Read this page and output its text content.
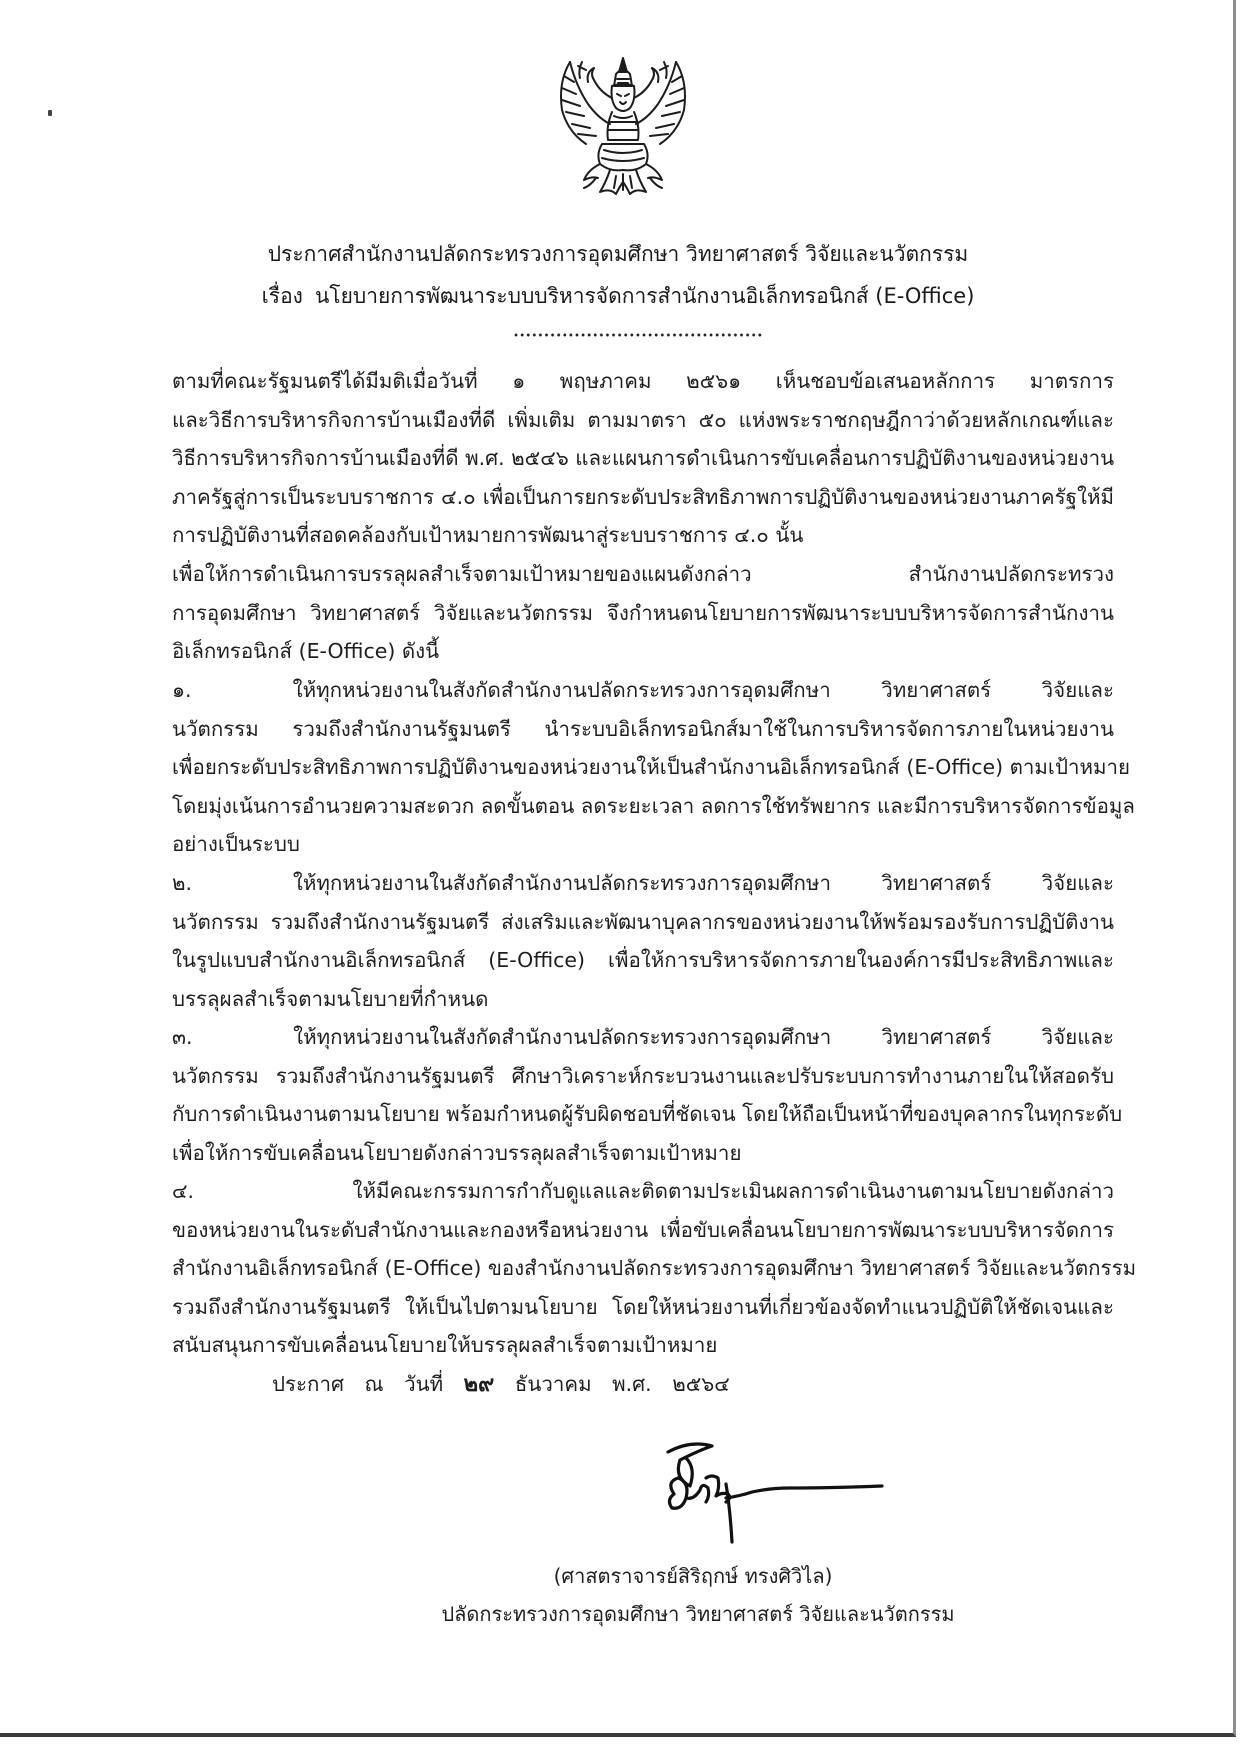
ประกาศสำนักงานปลัดกระทรวงการอุดมศึกษา วิทยาศาสตร์ วิจัยและนวัตกรรม
เรื่อง นโยบายการพัฒนาระบบบริหารจัดการสำนักงานอิเล็กทรอนิกส์ (E-Office)
ตามที่คณะรัฐมนตรีได้มีมติเมื่อวันที่ ๑ พฤษภาคม ๒๕๖๑ เห็นชอบข้อเสนอหลักการ มาตรการ
และวิธีการบริหารกิจการบ้านเมืองที่ดี เพิ่มเติม ตามมาตรา ๕๐ แห่งพระราชกฤษฎีกาว่าด้วยหลักเกณฑ์และ
วิธีการบริหารกิจการบ้านเมืองที่ดี พ.ศ. ๒๕๔๖ และแผนการดำเนินการขับเคลื่อนการปฏิบัติงานของหน่วยงาน
ภาครัฐสู่การเป็นระบบราชการ ๔.๐ เพื่อเป็นการยกระดับประสิทธิภาพการปฏิบัติงานของหน่วยงานภาครัฐให้มี
การปฏิบัติงานที่สอดคล้องกับเป้าหมายการพัฒนาสู่ระบบราชการ ๔.๐ นั้น
เพื่อให้การดำเนินการบรรลุผลสำเร็จตามเป้าหมายของแผนดังกล่าว สำนักงานปลัดกระทรวง
การอุดมศึกษา วิทยาศาสตร์ วิจัยและนวัตกรรม จึงกำหนดนโยบายการพัฒนาระบบบริหารจัดการสำนักงาน
อิเล็กทรอนิกส์ (E-Office) ดังนี้
๑.	ให้ทุกหน่วยงานในสังกัดสำนักงานปลัดกระทรวงการอุดมศึกษา วิทยาศาสตร์ วิจัยและ
นวัตกรรม รวมถึงสำนักงานรัฐมนตรี นำระบบอิเล็กทรอนิกส์มาใช้ในการบริหารจัดการภายในหน่วยงาน
เพื่อยกระดับประสิทธิภาพการปฏิบัติงานของหน่วยงานให้เป็นสำนักงานอิเล็กทรอนิกส์ (E-Office) ตามเป้าหมาย
โดยมุ่งเน้นการอำนวยความสะดวก ลดขั้นตอน ลดระยะเวลา ลดการใช้ทรัพยากร และมีการบริหารจัดการข้อมูล
อย่างเป็นระบบ
๒.	ให้ทุกหน่วยงานในสังกัดสำนักงานปลัดกระทรวงการอุดมศึกษา วิทยาศาสตร์ วิจัยและ
นวัตกรรม รวมถึงสำนักงานรัฐมนตรี ส่งเสริมและพัฒนาบุคลากรของหน่วยงานให้พร้อมรองรับการปฏิบัติงาน
ในรูปแบบสำนักงานอิเล็กทรอนิกส์ (E-Office) เพื่อให้การบริหารจัดการภายในองค์การมีประสิทธิภาพและ
บรรลุผลสำเร็จตามนโยบายที่กำหนด
๓.	ให้ทุกหน่วยงานในสังกัดสำนักงานปลัดกระทรวงการอุดมศึกษา วิทยาศาสตร์ วิจัยและ
นวัตกรรม รวมถึงสำนักงานรัฐมนตรี ศึกษาวิเคราะห์กระบวนงานและปรับระบบการทำงานภายในให้สอดรับ
กับการดำเนินงานตามนโยบาย พร้อมกำหนดผู้รับผิดชอบที่ชัดเจน โดยให้ถือเป็นหน้าที่ของบุคลากรในทุกระดับ
เพื่อให้การขับเคลื่อนนโยบายดังกล่าวบรรลุผลสำเร็จตามเป้าหมาย
๔.	ให้มีคณะกรรมการกำกับดูแลและติดตามประเมินผลการดำเนินงานตามนโยบายดังกล่าว
ของหน่วยงานในระดับสำนักงานและกองหรือหน่วยงาน เพื่อขับเคลื่อนนโยบายการพัฒนาระบบบริหารจัดการ
สำนักงานอิเล็กทรอนิกส์ (E-Office) ของสำนักงานปลัดกระทรวงการอุดมศึกษา วิทยาศาสตร์ วิจัยและนวัตกรรม
รวมถึงสำนักงานรัฐมนตรี ให้เป็นไปตามนโยบาย โดยให้หน่วยงานที่เกี่ยวข้องจัดทำแนวปฏิบัติให้ชัดเจนและ
สนับสนุนการขับเคลื่อนนโยบายให้บรรลุผลสำเร็จตามเป้าหมาย
ประกาศ ณ วันที่ ๒๙ ธันวาคม พ.ศ. ๒๕๖๔
(ศาสตราจารย์สิริฤกษ์ ทรงศิวิไล)
ปลัดกระทรวงการอุดมศึกษา วิทยาศาสตร์ วิจัยและนวัตกรรม
